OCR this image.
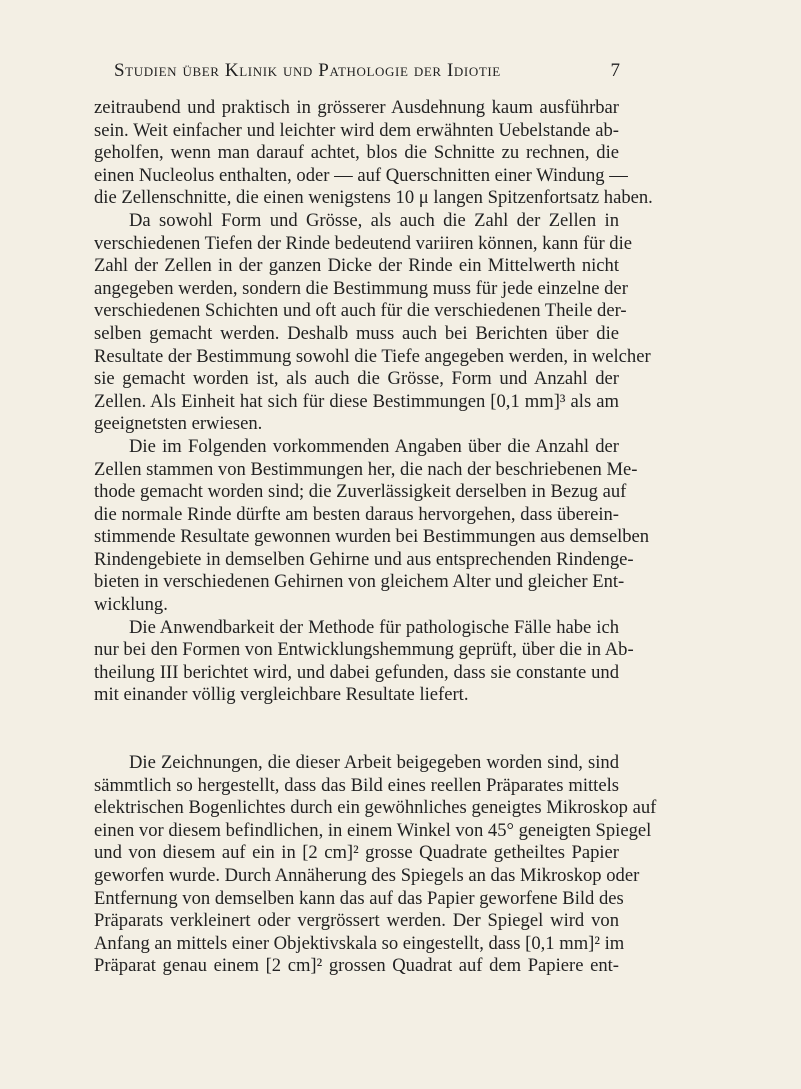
Studien über Klinik und Pathologie der Idiotie	7
zeitraubend und praktisch in grösserer Ausdehnung kaum ausführbar
sein. Weit einfacher und leichter wird dem erwähnten Uebelstande ab-
geholfen, wenn man darauf achtet, blos die Schnitte zu rechnen, die
einen Nucleolus enthalten, oder — auf Querschnitten einer Windung —
die Zellenschnitte, die einen wenigstens 10 μ langen Spitzenfortsatz haben.
Da sowohl Form und Grösse, als auch die Zahl der Zellen in
verschiedenen Tiefen der Rinde bedeutend variiren können, kann für die
Zahl der Zellen in der ganzen Dicke der Rinde ein Mittelwerth nicht
angegeben werden, sondern die Bestimmung muss für jede einzelne der
verschiedenen Schichten und oft auch für die verschiedenen Theile der-
selben gemacht werden. Deshalb muss auch bei Berichten über die
Resultate der Bestimmung sowohl die Tiefe angegeben werden, in welcher
sie gemacht worden ist, als auch die Grösse, Form und Anzahl der
Zellen. Als Einheit hat sich für diese Bestimmungen [0,1 mm]³ als am
geeignetsten erwiesen.
Die im Folgenden vorkommenden Angaben über die Anzahl der
Zellen stammen von Bestimmungen her, die nach der beschriebenen Me-
thode gemacht worden sind; die Zuverlässigkeit derselben in Bezug auf
die normale Rinde dürfte am besten daraus hervorgehen, dass überein-
stimmende Resultate gewonnen wurden bei Bestimmungen aus demselben
Rindengebiete in demselben Gehirne und aus entsprechenden Rindenge-
bieten in verschiedenen Gehirnen von gleichem Alter und gleicher Ent-
wicklung.
Die Anwendbarkeit der Methode für pathologische Fälle habe ich
nur bei den Formen von Entwicklungshemmung geprüft, über die in Ab-
theilung III berichtet wird, und dabei gefunden, dass sie constante und
mit einander völlig vergleichbare Resultate liefert.
Die Zeichnungen, die dieser Arbeit beigegeben worden sind, sind
sämmtlich so hergestellt, dass das Bild eines reellen Präparates mittels
elektrischen Bogenlichtes durch ein gewöhnliches geneigtes Mikroskop auf
einen vor diesem befindlichen, in einem Winkel von 45° geneigten Spiegel
und von diesem auf ein in [2 cm]² grosse Quadrate getheiltes Papier
geworfen wurde. Durch Annäherung des Spiegels an das Mikroskop oder
Entfernung von demselben kann das auf das Papier geworfene Bild des
Präparats verkleinert oder vergrössert werden. Der Spiegel wird von
Anfang an mittels einer Objektivskala so eingestellt, dass [0,1 mm]² im
Präparat genau einem [2 cm]² grossen Quadrat auf dem Papiere ent-
